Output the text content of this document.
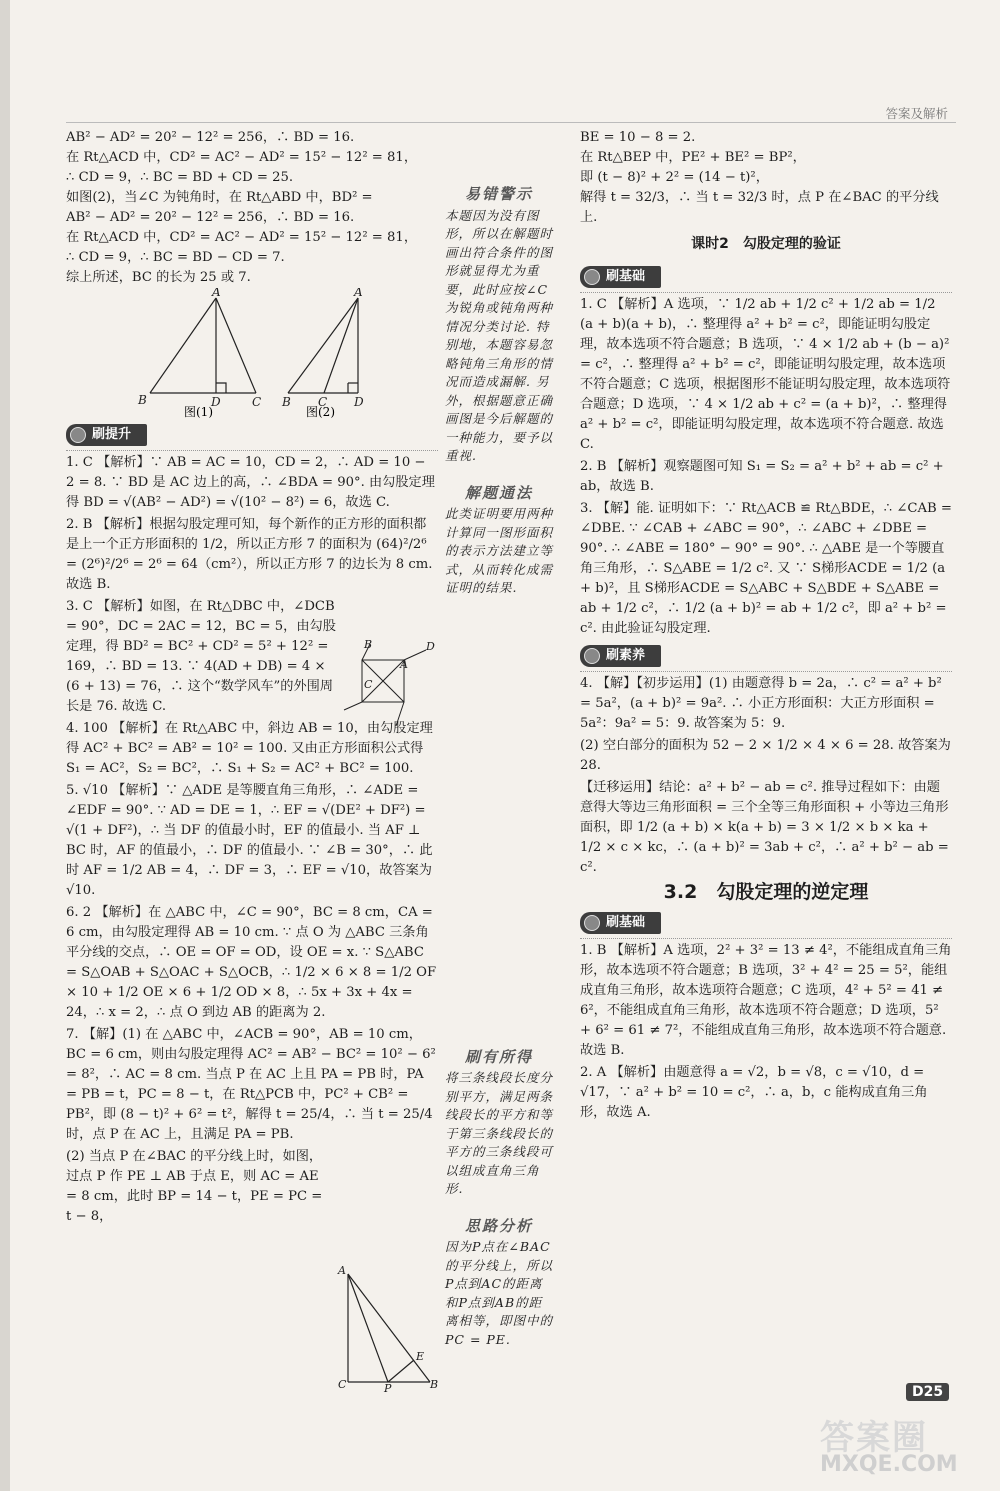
答案及解析

AB² − AD² = 20² − 12² = 256，∴ BD = 16.

在 Rt△ACD 中，CD² = AC² − AD² = 15² − 12² = 81，

∴ CD = 9，∴ BC = BD + CD = 25.

如图(2)，当∠C 为钝角时，在 Rt△ABD 中，BD² =

AB² − AD² = 20² − 12² = 256，∴ BD = 16.

在 Rt△ACD 中，CD² = AC² − AD² = 15² − 12² = 81，

∴ CD = 9，∴ BC = BD − CD = 7.

综上所述，BC 的长为 25 或 7.

A
B	D	C
A
B C D
图(1)	图(2)
刷提升

1. C 【解析】∵ AB = AC = 10，CD = 2，∴ AD = 10 − 2 = 8. ∵ BD 是 AC 边上的高，∴ ∠BDA = 90°. 由勾股定理得 BD = √(AB² − AD²) = √(10² − 8²) = 6，故选 C.

2. B 【解析】根据勾股定理可知，每个新作的正方形的面积都是上一个正方形面积的 1/2，所以正方形 7 的面积为 (64)²/2⁶ = (2⁶)²/2⁶ = 2⁶ = 64（cm²），所以正方形 7 的边长为 8 cm. 故选 B.

3. C 【解析】如图，在 Rt△DBC 中，∠DCB = 90°，DC = 2AC = 12，BC = 5，由勾股定理，得 BD² = BC² + CD² = 5² + 12² = 169，∴ BD = 13. ∵ 4(AD + DB) = 4 × (6 + 13) = 76，∴ 这个“数学风车”的外围周长是 76. 故选 C.

4. 100 【解析】在 Rt△ABC 中，斜边 AB = 10，由勾股定理得 AC² + BC² = AB² = 10² = 100. 又由正方形面积公式得 S₁ = AC²，S₂ = BC²，∴ S₁ + S₂ = AC² + BC² = 100.

5. √10 【解析】∵ △ADE 是等腰直角三角形，∴ ∠ADE = ∠EDF = 90°. ∵ AD = DE = 1，∴ EF = √(DE² + DF²) = √(1 + DF²)，∴ 当 DF 的值最小时，EF 的值最小. 当 AF ⊥ BC 时，AF 的值最小，∴ DF 的值最小. ∵ ∠B = 30°，∴ 此时 AF = 1/2 AB = 4，∴ DF = 3，∴ EF = √10，故答案为 √10.

6. 2 【解析】在 △ABC 中，∠C = 90°，BC = 8 cm，CA = 6 cm，由勾股定理得 AB = 10 cm. ∵ 点 O 为 △ABC 三条角平分线的交点，∴ OE = OF = OD，设 OE = x. ∵ S△ABC = S△OAB + S△OAC + S△OCB，∴ 1/2 × 6 × 8 = 1/2 OF × 10 + 1/2 OE × 6 + 1/2 OD × 8，∴ 5x + 3x + 4x = 24，∴ x = 2，∴ 点 O 到边 AB 的距离为 2.

7. 【解】(1) 在 △ABC 中，∠ACB = 90°，AB = 10 cm，BC = 6 cm，则由勾股定理得 AC² = AB² − BC² = 10² − 6² = 8²，∴ AC = 8 cm. 当点 P 在 AC 上且 PA = PB 时，PA = PB = t，PC = 8 − t，在 Rt△PCB 中，PC² + CB² = PB²，即 (8 − t)² + 6² = t²，解得 t = 25/4，∴ 当 t = 25/4 时，点 P 在 AC 上，且满足 PA = PB.

(2) 当点 P 在∠BAC 的平分线上时，如图，过点 P 作 PE ⊥ AB 于点 E，则 AC = AE = 8 cm，此时 BP = 14 − t，PE = PC = t − 8，

B	D
A
C
A
C	P	B
E
易错警示
本题因为没有图形，所以在解题时画出符合条件的图形就显得尤为重要，此时应按∠C为锐角或钝角两种情况分类讨论. 特别地，本题容易忽略钝角三角形的情况而造成漏解. 另外，根据题意正确画图是今后解题的一种能力，要予以重视.
解题通法
此类证明要用两种计算同一图形面积的表示方法建立等式，从而转化成需证明的结果.
刷有所得
将三条线段长度分别平方，满足两条线段长的平方和等于第三条线段长的平方的三条线段可以组成直角三角形.
思路分析
因为P点在∠BAC的平分线上，所以P点到AC的距离和P点到AB的距离相等，即图中的PC = PE.

BE = 10 − 8 = 2.

在 Rt△BEP 中，PE² + BE² = BP²，

即 (t − 8)² + 2² = (14 − t)²，

解得 t = 32/3，∴ 当 t = 32/3 时，点 P 在∠BAC 的平分线上.

课时2　勾股定理的验证
刷基础

1. C 【解析】A 选项，∵ 1/2 ab + 1/2 c² + 1/2 ab = 1/2 (a + b)(a + b)，∴ 整理得 a² + b² = c²，即能证明勾股定理，故本选项不符合题意；B 选项，∵ 4 × 1/2 ab + (b − a)² = c²，∴ 整理得 a² + b² = c²，即能证明勾股定理，故本选项不符合题意；C 选项，根据图形不能证明勾股定理，故本选项符合题意；D 选项，∵ 4 × 1/2 ab + c² = (a + b)²，∴ 整理得 a² + b² = c²，即能证明勾股定理，故本选项不符合题意. 故选 C.

2. B 【解析】观察题图可知 S₁ = S₂ = a² + b² + ab = c² + ab，故选 B.

3. 【解】能. 证明如下：∵ Rt△ACB ≌ Rt△BDE，∴ ∠CAB = ∠DBE. ∵ ∠CAB + ∠ABC = 90°，∴ ∠ABC + ∠DBE = 90°. ∴ ∠ABE = 180° − 90° = 90°. ∴ △ABE 是一个等腰直角三角形，∴ S△ABE = 1/2 c². 又 ∵ S梯形ACDE = 1/2 (a + b)²，且 S梯形ACDE = S△ABC + S△BDE + S△ABE = ab + 1/2 c²，∴ 1/2 (a + b)² = ab + 1/2 c²，即 a² + b² = c². 由此验证勾股定理.

刷素养

4. 【解】【初步运用】(1) 由题意得 b = 2a，∴ c² = a² + b² = 5a²，(a + b)² = 9a². ∴ 小正方形面积：大正方形面积 = 5a²：9a² = 5：9. 故答案为 5：9.

(2) 空白部分的面积为 52 − 2 × 1/2 × 4 × 6 = 28. 故答案为 28.

【迁移运用】结论：a² + b² − ab = c². 推导过程如下：由题意得大等边三角形面积 = 三个全等三角形面积 + 小等边三角形面积，即 1/2 (a + b) × k(a + b) = 3 × 1/2 × b × ka + 1/2 × c × kc，∴ (a + b)² = 3ab + c²，∴ a² + b² − ab = c².

3.2　勾股定理的逆定理
刷基础

1. B 【解析】A 选项，2² + 3² = 13 ≠ 4²，不能组成直角三角形，故本选项不符合题意；B 选项，3² + 4² = 25 = 5²，能组成直角三角形，故本选项符合题意；C 选项，4² + 5² = 41 ≠ 6²，不能组成直角三角形，故本选项不符合题意；D 选项，5² + 6² = 61 ≠ 7²，不能组成直角三角形，故本选项不符合题意. 故选 B.

2. A 【解析】由题意得 a = √2，b = √8，c = √10，d = √17，∵ a² + b² = 10 = c²，∴ a，b，c 能构成直角三角形，故选 A.

D25
答案圈
MXQE.COM
